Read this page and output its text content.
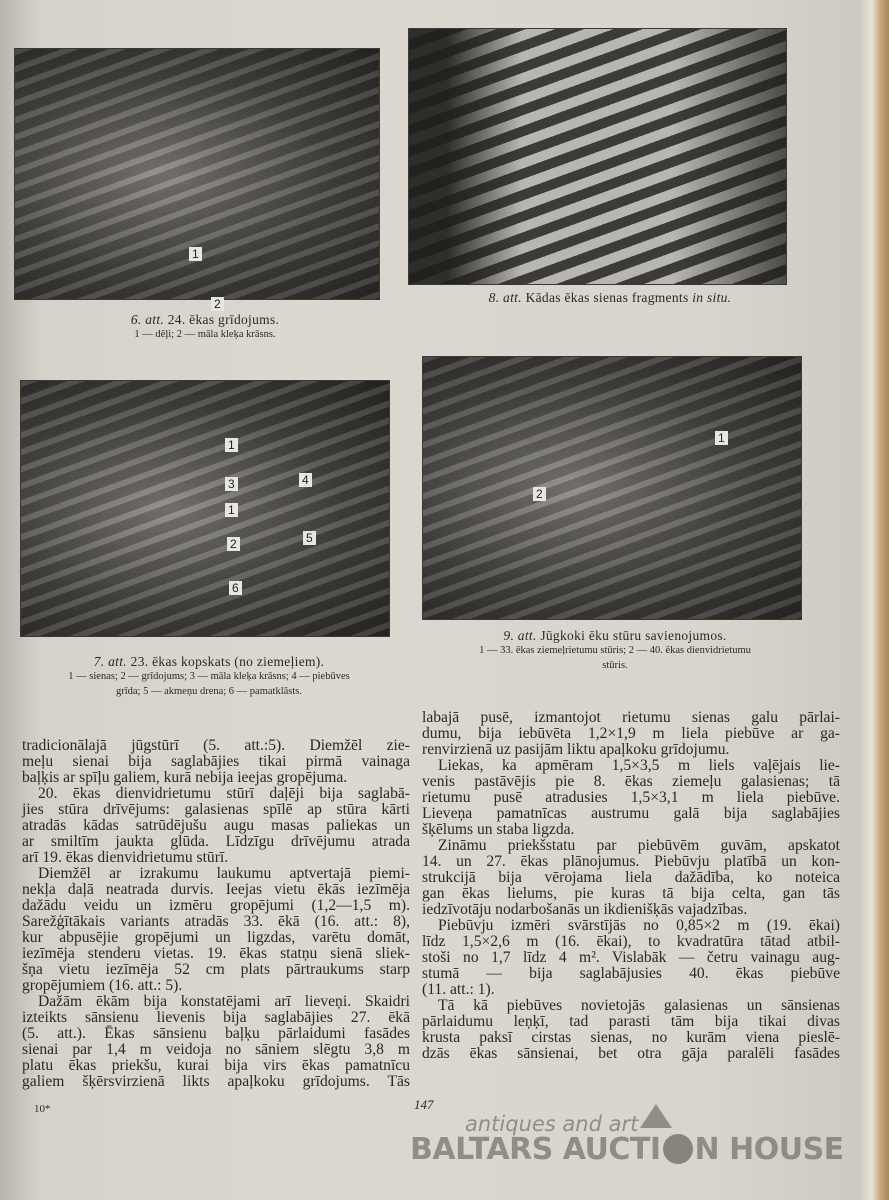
1
2
1
3	4
1
2	5
6
1
2
6. att. 24. ēkas grīdojums.
1 — dēļi; 2 — māla kleķa krāsns.
8. att. Kādas ēkas sienas fragments in situ.
7. att. 23. ēkas kopskats (no ziemeļiem).
1 — sienas; 2 — grīdojums; 3 — māla kleķa krāsns; 4 — piebūves
grīda; 5 — akmeņu drena; 6 — pamatklāsts.
9. att. Jūgkoki ēku stūru savienojumos.
1 — 33. ēkas ziemeļrietumu stūris; 2 — 40. ēkas dienvidrietumu
stūris.
tradicionālajā jūgstūrī (5. att.:5). Diemžēl zie-
meļu sienai bija saglabājies tikai pirmā vainaga
baļķis ar spīļu galiem, kurā nebija ieejas gropējuma.
20. ēkas dienvidrietumu stūrī daļēji bija saglabā-
jies stūra drīvējums: galasienas spīlē ap stūra kārti
atradās kādas satrūdējušu augu masas paliekas un
ar smiltīm jaukta glūda. Līdzīgu drīvējumu atrada
arī 19. ēkas dienvidrietumu stūrī.
Diemžēl ar izrakumu laukumu aptvertajā piemi-
nekļa daļā neatrada durvis. Ieejas vietu ēkās iezīmēja
dažādu veidu un izmēru gropējumi (1,2—1,5 m).
Sarežģītākais variants atradās 33. ēkā (16. att.: 8),
kur abpusējie gropējumi un ligzdas, varētu domāt,
iezīmēja stenderu vietas. 19. ēkas statņu sienā sliek-
šņa vietu iezīmēja 52 cm plats pārtraukums starp
gropējumiem (16. att.: 5).
Dažām ēkām bija konstatējami arī lieveņi. Skaidri
izteikts sānsienu lievenis bija saglabājies 27. ēkā
(5. att.). Ēkas sānsienu baļķu pārlaidumi fasādes
sienai par 1,4 m veidoja no sāniem slēgtu 3,8 m
platu ēkas priekšu, kurai bija virs ēkas pamatnīcu
galiem šķērsvirzienā likts apaļkoku grīdojums. Tās
labajā pusē, izmantojot rietumu sienas galu pārlai-
dumu, bija iebūvēta 1,2×1,9 m liela piebūve ar ga-
renvirzienā uz pasijām liktu apaļkoku grīdojumu.
Liekas, ka apmēram 1,5×3,5 m liels vaļējais lie-
venis pastāvējis pie 8. ēkas ziemeļu galasienas; tā
rietumu pusē atradusies 1,5×3,1 m liela piebūve.
Lieveņa pamatnīcas austrumu galā bija saglabājies
šķēlums un staba ligzda.
Zināmu priekšstatu par piebūvēm guvām, apskatot
14. un 27. ēkas plānojumus. Piebūvju platībā un kon-
strukcijā bija vērojama liela dažādība, ko noteica
gan ēkas lielums, pie kuras tā bija celta, gan tās
iedzīvotāju nodarbošanās un ikdienišķās vajadzības.
Piebūvju izmēri svārstījās no 0,85×2 m (19. ēkai)
līdz 1,5×2,6 m (16. ēkai), to kvadratūra tātad atbil-
stoši no 1,7 līdz 4 m². Vislabāk — četru vainagu aug-
stumā — bija saglabājusies 40. ēkas piebūve
(11. att.: 1).
Tā kā piebūves novietojās galasienas un sānsienas
pārlaidumu leņķī, tad parasti tām bija tikai divas
krusta paksī cirstas sienas, no kurām viena pieslē-
dzās ēkas sānsienai, bet otra gāja paralēli fasādes
10*	147
antiques and art
BALTARS AUCTI N HOUSE
